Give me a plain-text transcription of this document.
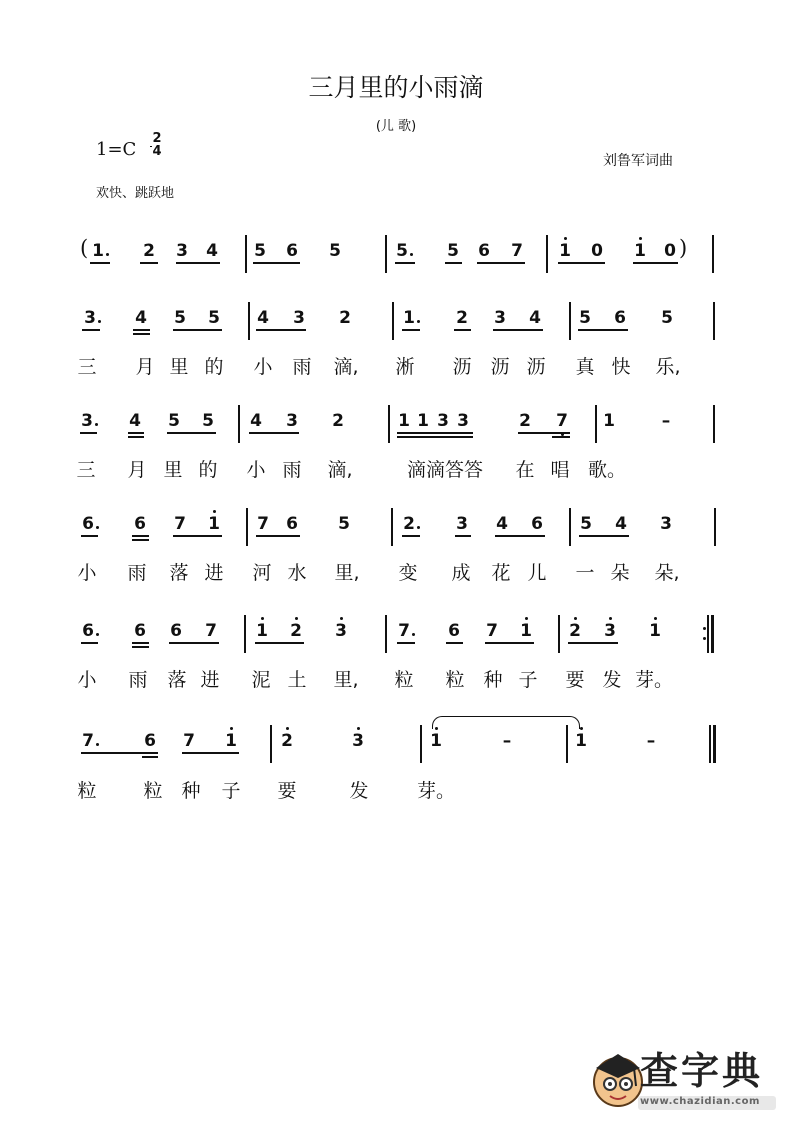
三月里的小雨滴
(儿 歌)
1=C
2
4
欢快、跳跃地
刘鲁军词曲
(	)
1 2 3 4 5 6 5	5 5 6 7 1 0 1 0
3 4 5 5 4 3 2	1 2 3 4 5 6 5
三 月 里 的 小 雨 滴, 淅 沥 沥 沥 真 快 乐,
3 4 5 5 4 3 2	1 1 3 3	2 7 1	–
三 月 里 的 小 雨 滴,	滴滴答答 在 唱 歌。
6 6 7 1 7 6 5	2 3 4 6 5 4 3
小 雨 落 进 河 水 里, 变 成 花 儿 一 朵 朵,
6 6 6 7 1 2 3	7 6 7 1 2 3 1
小 雨 落 进 泥 土 里, 粒 粒 种 子 要 发 芽。
7	6 7 1	2	3	1	–	1	–
粒 粒 种 子 要	发	芽。
查字典
www.chazidian.com
